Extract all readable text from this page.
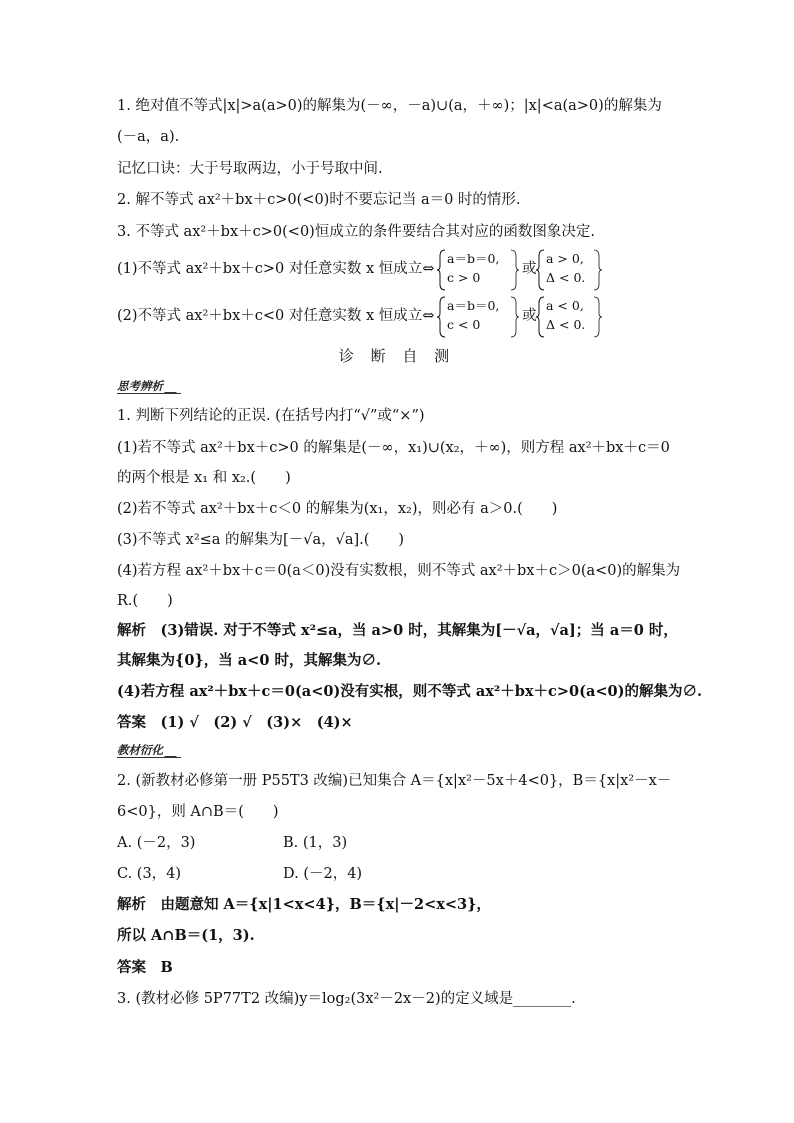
1. 绝对值不等式|x|>a(a>0)的解集为(－∞，－a)∪(a，＋∞)；|x|<a(a>0)的解集为
(－a，a).
记忆口诀：大于号取两边，小于号取中间.
2. 解不等式 ax²＋bx＋c>0(<0)时不要忘记当 a＝0 时的情形.
3. 不等式 ax²＋bx＋c>0(<0)恒成立的条件要结合其对应的函数图象决定.
(1)不等式 ax²＋bx＋c>0 对任意实数 x 恒成立⇔
a＝b＝0,
c > 0
或
a > 0,
Δ < 0.
(2)不等式 ax²＋bx＋c<0 对任意实数 x 恒成立⇔
a＝b＝0,
c < 0
或
a < 0,
Δ < 0.
诊 断 自 测
思考辨析
1. 判断下列结论的正误. (在括号内打“√”或“×”)
(1)若不等式 ax²＋bx＋c>0 的解集是(－∞，x₁)∪(x₂，＋∞)，则方程 ax²＋bx＋c＝0
的两个根是 x₁ 和 x₂.(　　)
(2)若不等式 ax²＋bx＋c＜0 的解集为(x₁，x₂)，则必有 a＞0.(　　)
(3)不等式 x²≤a 的解集为[－√a，√a].(　　)
(4)若方程 ax²＋bx＋c＝0(a＜0)没有实数根，则不等式 ax²＋bx＋c＞0(a<0)的解集为
R.(　　)
解析　(3)错误. 对于不等式 x²≤a，当 a>0 时，其解集为[－√a，√a]；当 a＝0 时，
其解集为{0}，当 a<0 时，其解集为∅.
(4)若方程 ax²＋bx＋c＝0(a<0)没有实根，则不等式 ax²＋bx＋c>0(a<0)的解集为∅.
答案　(1) √　(2) √　(3)×　(4)×
教材衍化
2. (新教材必修第一册 P55T3 改编)已知集合 A＝{x|x²－5x＋4<0}，B＝{x|x²－x－
6<0}，则 A∩B＝(　　)
A. (－2，3)	B. (1，3)
C. (3，4)	D. (－2，4)
解析　由题意知 A＝{x|1<x<4}，B＝{x|－2<x<3}，
所以 A∩B＝(1，3).
答案　B
3. (教材必修 5P77T2 改编)y＝log₂(3x²－2x－2)的定义域是________.
